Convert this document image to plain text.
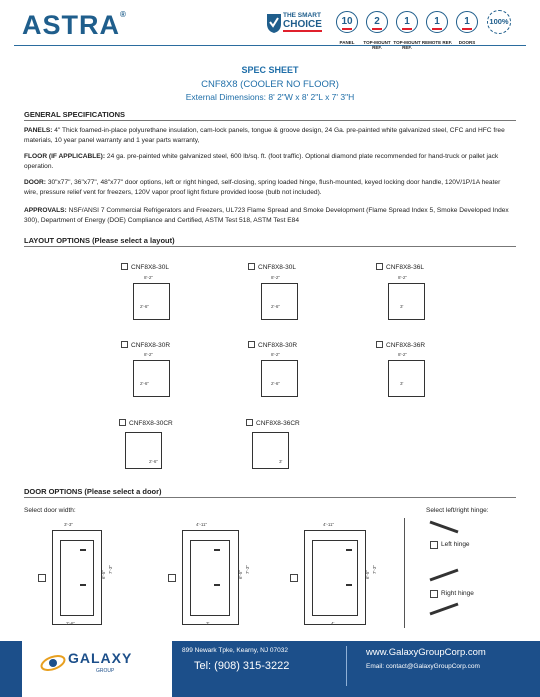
ASTRA®	THE SMART
CHOICE	10
PANEL
2
TOP-MOUNT REF.
1
TOP-MOUNT REF.
1
REMOTE REF.
1
DOORS
100%
SPEC SHEET
CNF8X8 (COOLER NO FLOOR)
External Dimensions: 8' 2"W x 8' 2"L x 7' 3"H
GENERAL SPECIFICATIONS
PANELS: 4" Thick foamed-in-place polyurethane insulation, cam-lock panels, tongue & groove design, 24 Ga. pre-painted white galvanized steel, CFC and HFC free materials, 10 year panel warranty and 1 year parts warranty,
FLOOR (IF APPLICABLE): 24 ga. pre-painted white galvanized steel, 600 lb/sq. ft. (foot traffic). Optional diamond plate recommended for hand-truck or pallet jack operation.
DOOR: 30"x77", 36"x77", 48"x77" door options, left or right hinged, self-closing, spring loaded hinge, flush-mounted, keyed locking door handle, 120V/1P/1A heater wire, pressure relief vent for freezers, 120V vapor proof light fixture provided loose (bulb not included).
APPROVALS: NSF/ANSI 7 Commercial Refrigerators and Freezers, UL723 Flame Spread and Smoke Development (Flame Spread Index 5, Smoke Developed Index 300), Department of Energy (DOE) Compliance and Certified, ASTM Test 518, ASTM Test E84
LAYOUT OPTIONS (Please select a layout)
CNF8X8-30L
8'-2"
2'-6"
CNF8X8-30L
8'-2"
2'-6"
CNF8X8-36L
8'-2"
3'
CNF8X8-30R
8'-2"
2'-6"
CNF8X8-30R
8'-2"
2'-6"
CNF8X8-36R
8'-2"
3'
CNF8X8-30CR
2'-6"
CNF8X8-36CR
3'
DOOR OPTIONS (Please select a door)
Select door width:	Select left/right hinge:
3'-3"
6'-5"
7'-3"
2'-6"
4'-11"
6'-5"
7'-3"
3'
4'-11"
6'-5"
7'-3"
4'
Left hinge
Right hinge
GALAXY
GROUP
899 Newark Tpke, Kearny, NJ 07032
Tel: (908) 315-3222
www.GalaxyGroupCorp.com
Email: contact@GalaxyGroupCorp.com
